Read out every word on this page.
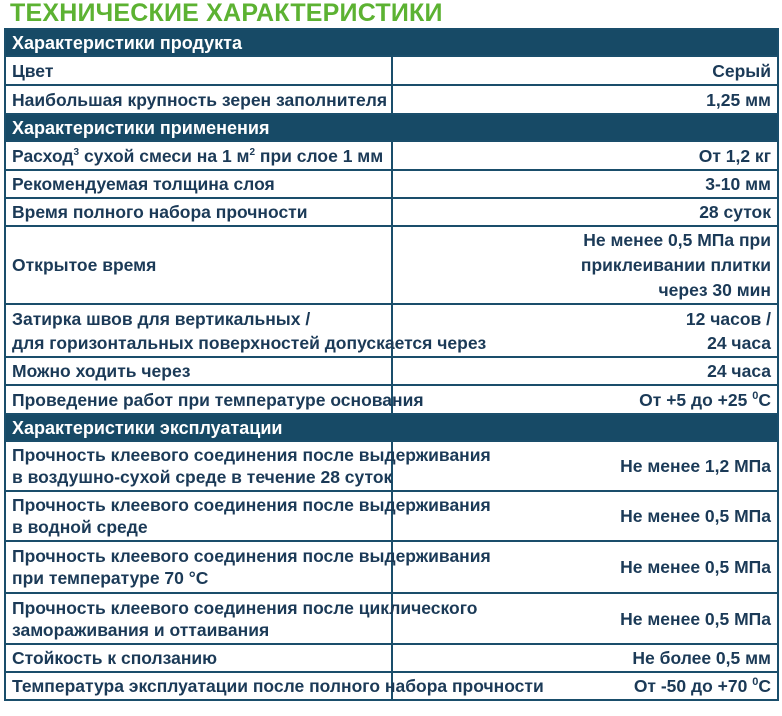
ТЕХНИЧЕСКИЕ ХАРАКТЕРИСТИКИ
Характеристики продукта	

Цвет	Серый

Наибольшая крупность зерен заполнителя	1,25 мм

Характеристики применения	

Расход$^3$ сухой смеси на 1 $м^2$ при слое 1 мм	От 1,2 кг

Рекомендуемая толщина слоя	3-10 мм

Время полного набора прочности	28 суток

Открытое время	Не менее 0,5 МПа при
приклеивании плитки
через 30 мин

Затирка швов для вертикальных /
для горизонтальных поверхностей допускается через	12 часов /
24 часа

Можно ходить через	24 часа

Проведение работ при температуре основания	От +5 до +25 $^0$С

Характеристики эксплуатации	

Прочность клеевого соединения после выдерживания
в воздушно-сухой среде в течение 28 суток	Не менее 1,2 МПа

Прочность клеевого соединения после выдерживания
в водной среде	Не менее 0,5 МПа

Прочность клеевого соединения после выдерживания
при температуре 70 °С	Не менее 0,5 МПа

Прочность клеевого соединения после циклического
замораживания и оттаивания	Не менее 0,5 МПа

Стойкость к сползанию	Не более 0,5 мм

Температура эксплуатации после полного набора прочности	От -50 до +70 $^0$С
